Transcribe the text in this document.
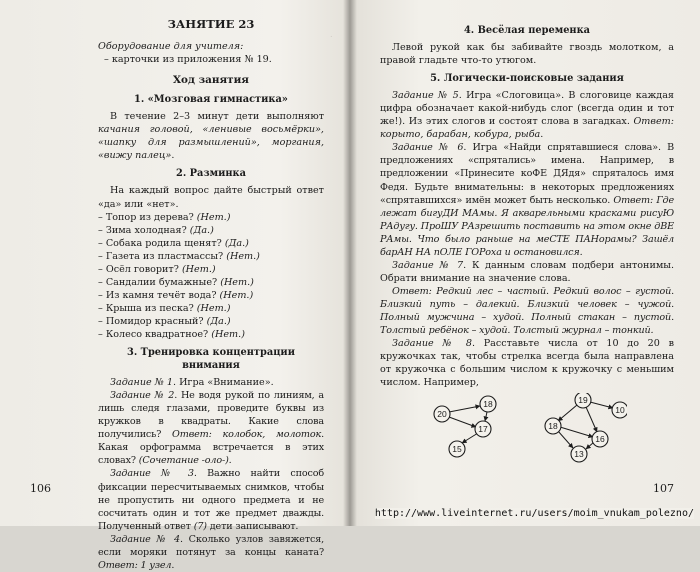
.
ЗАНЯТИЕ 23

Оборудование для учителя:

– карточки из приложения № 19.

Ход занятия
1. «Мозговая гимнастика»

В течение 2–3 минут дети выполняют качания головой, «ленивые восьмёрки», «шапку для размышлений», моргания, «вижу палец».

2. Разминка

На каждый вопрос дайте быстрый ответ «да» или «нет».

– Топор из дерева? (Нет.)

– Зима холодная? (Да.)

– Собака родила щенят? (Да.)

– Газета из пластмассы? (Нет.)

– Осёл говорит? (Нет.)

– Сандалии бумажные? (Нет.)

– Из камня течёт вода? (Нет.)

– Крыша из песка? (Нет.)

– Помидор красный? (Да.)

– Колесо квадратное? (Нет.)

3. Тренировка концентрации внимания

Задание № 1. Игра «Внимание».

Задание № 2. Не водя рукой по линиям, а лишь следя глазами, проведите буквы из кружков в квадраты. Какие слова получились? Ответ: колобок, молоток. Какая орфограмма встречается в этих словах? (Сочетание -оло-).

Задание № 3. Важно найти способ фиксации пересчитываемых снимков, чтобы не пропустить ни одного предмета и не сосчитать один и тот же предмет дважды. Полученный ответ (7) дети записывают.

Задание № 4. Сколько узлов завяжется, если моряки потянут за концы каната? Ответ: 1 узел.

106
4. Весёлая переменка

Левой рукой как бы забивайте гвоздь молотком, а правой гладьте что-то утюгом.

5. Логически-поисковые задания

Задание № 5. Игра «Слоговица». В слоговице каждая цифра обозначает какой-нибудь слог (всегда один и тот же!). Из этих слогов и состоят слова в загадках. Ответ: корыто, барабан, кобура, рыба.

Задание № 6. Игра «Найди спрятавшиеся слова». В предложениях «спрятались» имена. Например, в предложении «Принесите коФЕ ДЯдя» спряталось имя Федя. Будьте внимательны: в некоторых предложениях «спрятавшихся» имён может быть несколько. Ответ: Где лежат бигуДИ МАмы. Я акварельными красками рисуЮ РАдугу. ПроШУ РАзрешить поставить на этом окне дВЕ РАмы. Что было раньше на меСТЕ ПАНорамы? Зашёл барАН НА пОЛЕ ГОРоха и остановился.

Задание № 7. К данным словам подбери антонимы. Обрати внимание на значение слова.

Ответ: Редкий лес – частый. Редкий волос – густой. Близкий путь – далекий. Близкий человек – чужой. Полный мужчина – худой. Полный стакан – пустой. Толстый ребёнок – худой. Толстый журнал – тонкий.

Задание № 8. Расставьте числа от 10 до 20 в кружочках так, чтобы стрелка всегда была направлена от кружочка с большим числом к кружочку с меньшим числом. Например,

20
18
17
15
19
10
18
16
13
107
http://www.liveinternet.ru/users/moim_vnukam_polezno/
